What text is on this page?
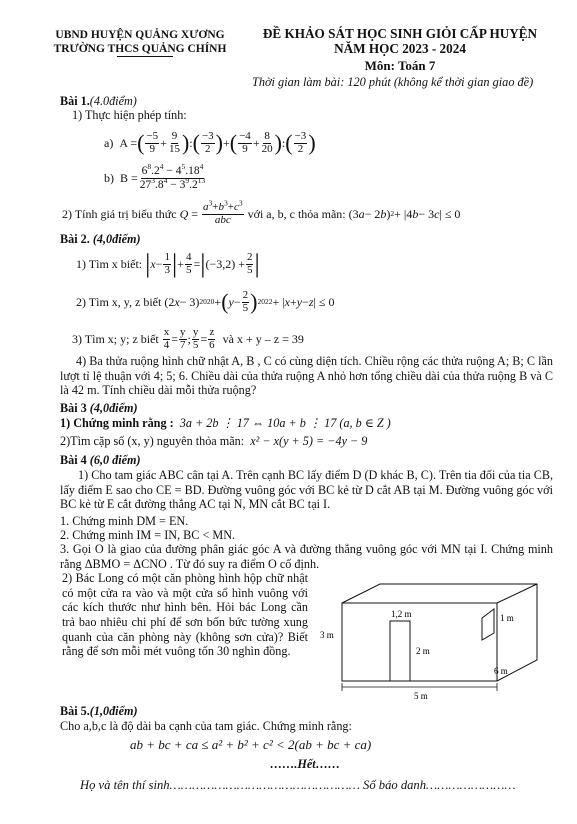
UBND HUYỆN QUẢNG XƯƠNG
TRƯỜNG THCS QUẢNG CHÍNH
ĐỀ KHẢO SÁT HỌC SINH GIỎI CẤP HUYỆN
NĂM HỌC 2023 - 2024
Môn: Toán 7
Thời gian làm bài: 120 phút (không kể thời gian giao đề)
Bài 1.(4.0điểm)
1) Thực hiện phép tính:
a) A = ( $\frac{-5}{9} + \frac{9}{15}$ ) : ( $\frac{-3}{2}$ ) + ( $\frac{-4}{9} + \frac{8}{20}$ ) : ( $\frac{-3}{2}$ )
b) $B = \frac{6^8.2^4 - 4^5.18^4}{27^3.8^4 - 3^9.2^{13}}$
2) Tính giá trị biểu thức
$Q = \frac{a^3+b^3+c^3}{\text{abc}}$
với a, b, c thỏa mãn: (3 a − 2 b ) 2 + |4 b − 3 c | ≤ 0
Bài 2. (4,0điểm)
1) Tìm x biết:
| $x - \frac{1}{3}$ | + $\frac{4}{5}$ = | $(-3,2) + \frac{2}{5}$ |
2) Tìm x, y, z biết (2 x − 3) 2020 + ( $y - \frac{2}{5}$ ) 2022 + | x + y − z | ≤ 0
3) Tìm x; y; z biết
$\frac{x}{4} = \frac{y}{7}$ ; $\frac{y}{5} = \frac{z}{6}$
và x + y – z = 39
4) Ba thửa ruộng hình chữ nhật A, B , C có cùng diện tích. Chiều rộng các thửa ruộng A; B; C lần lượt tỉ lệ thuận với 4; 5; 6. Chiều dài của thửa ruộng A nhỏ hơn tổng chiều dài của thửa ruộng B và C là 42 m. Tính chiều dài mỗi thửa ruộng?
Bài 3 (4,0điểm)
1) Chứng minh rằng : 3a + 2b ⋮ 17 ⇔ 10a + b ⋮ 17 (a, b ∈ Z )
2)Tìm cặp số (x, y) nguyên thỏa mãn: x² − x(y + 5) = −4y − 9
Bài 4 (6,0 điểm)
1) Cho tam giác ABC cân tại A. Trên cạnh BC lấy điểm D (D khác B, C). Trên tia đối của tia CB, lấy điểm E sao cho CE = BD. Đường vuông góc với BC kẻ từ D cắt AB tại M. Đường vuông góc với BC kẻ từ E cắt đường thẳng AC tại N, MN cắt BC tại I.
1. Chứng minh DM = EN.
2. Chứng minh IM = IN, BC < MN.
3. Gọi O là giao của đường phân giác góc A và đường thẳng vuông góc với MN tại I. Chứng minh rằng ΔBMO = ΔCNO . Từ đó suy ra điểm O cố định.
2) Bác Long có một căn phòng hình hộp chữ nhật có một cửa ra vào và một cửa sổ hình vuông với các kích thước như hình bên. Hỏi bác Long cần trả bao nhiêu chi phí để sơn bốn bức tường xung quanh của căn phòng này (không sơn cửa)? Biết rằng để sơn mỗi mét vuông tốn 30 nghìn đồng.
3 m
1,2 m
2 m
1 m
6 m
5 m
Bài 5.(1,0điểm)
Cho a,b,c là độ dài ba cạnh của tam giác. Chứng minh rằng:
ab + bc + ca ≤ a² + b² + c² < 2(ab + bc + ca)
…….Hết……
Họ và tên thí sinh…………………………………………… Số báo danh……………………
